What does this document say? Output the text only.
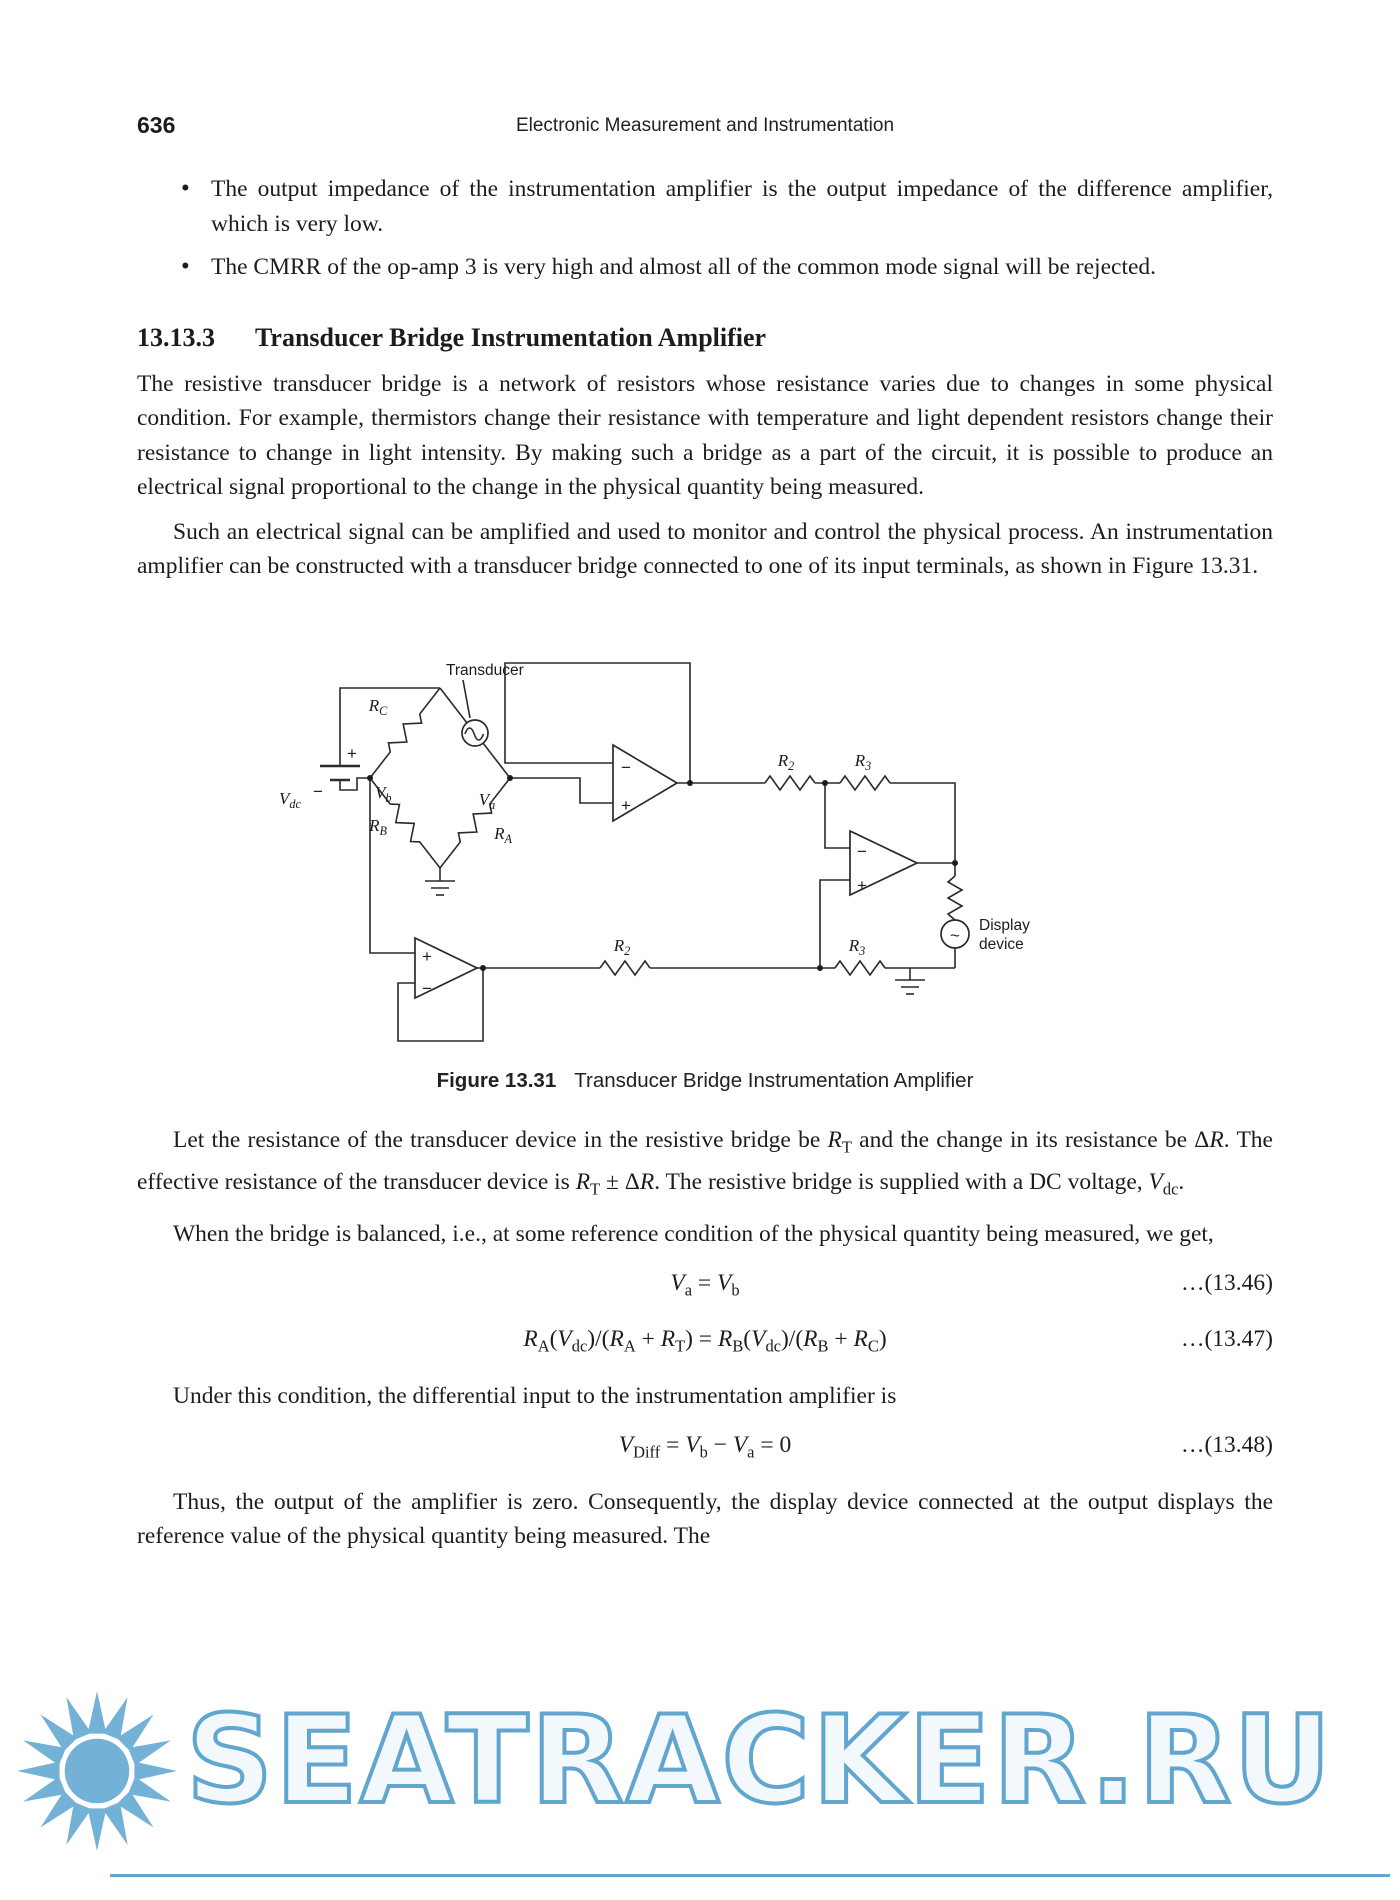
636	Electronic Measurement and Instrumentation
• The output impedance of the instrumentation amplifier is the output impedance of the difference amplifier, which is very low.
• The CMRR of the op-amp 3 is very high and almost all of the common mode signal will be rejected.
13.13.3 Transducer Bridge Instrumentation Amplifier

The resistive transducer bridge is a network of resistors whose resistance varies due to changes in some physical condition. For example, thermistors change their resistance with temperature and light dependent resistors change their resistance to change in light intensity. By making such a bridge as a part of the circuit, it is possible to produce an electrical signal proportional to the change in the physical quantity being measured.

Such an electrical signal can be amplified and used to monitor and control the physical process. An instrumentation amplifier can be constructed with a transducer bridge connected to one of its input terminals, as shown in Figure 13.31.

+
−
$V_{dc}$
Transducer
$R_2$	$R_3$
$R_2$	$R_3$
−
+
+
−
−
+
~
Display
device
$V_b$	$V_a$
$R_C$
$R_B$	$R_A$
Figure 13.31 Transducer Bridge Instrumentation Amplifier

Let the resistance of the transducer device in the resistive bridge be $R_T$ and the change in its resistance be ΔR. The effective resistance of the transducer device is $R_T \pm \Delta R$. The resistive bridge is supplied with a DC voltage, $V_{dc}$.

When the bridge is balanced, i.e., at some reference condition of the physical quantity being measured, we get,

$V_a = V_b$	…(13.46)
$R_A(V_{dc})/(R_A + R_T) = R_B(V_{dc})/(R_B + R_C)$	…(13.47)

Under this condition, the differential input to the instrumentation amplifier is

$V_{Diff} = V_b - V_a = 0$	…(13.48)

Thus, the output of the amplifier is zero. Consequently, the display device connected at the output displays the reference value of the physical quantity being measured. The

SEATRACKER.RU
